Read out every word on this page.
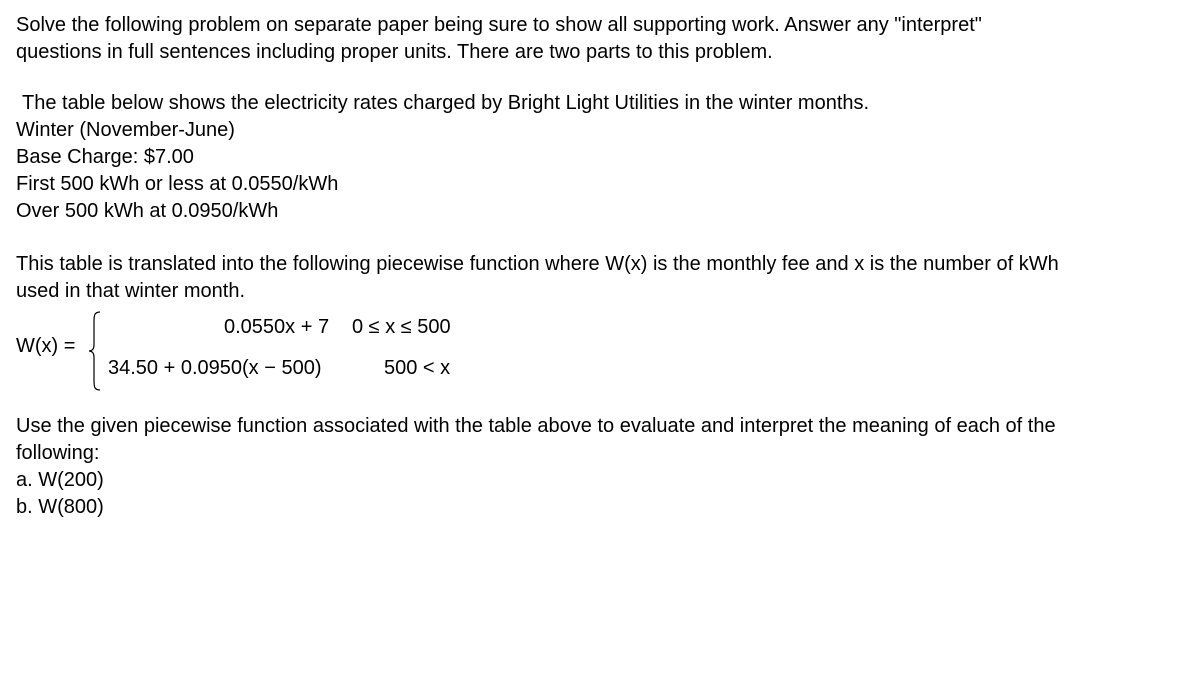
Solve the following problem on separate paper being sure to show all supporting work. Answer any "interpret"
questions in full sentences including proper units. There are two parts to this problem.
The table below shows the electricity rates charged by Bright Light Utilities in the winter months.
Winter (November-June)
Base Charge: $7.00
First 500 kWh or less at 0.0550/kWh
Over 500 kWh at 0.0950/kWh
This table is translated into the following piecewise function where W(x) is the monthly fee and x is the number of kWh
used in that winter month.
W(x) =
0.0550x + 7 0 ≤ x ≤ 500
34.50 + 0.0950(x − 500)	500 < x
Use the given piecewise function associated with the table above to evaluate and interpret the meaning of each of the
following:
a. W(200)
b. W(800)
